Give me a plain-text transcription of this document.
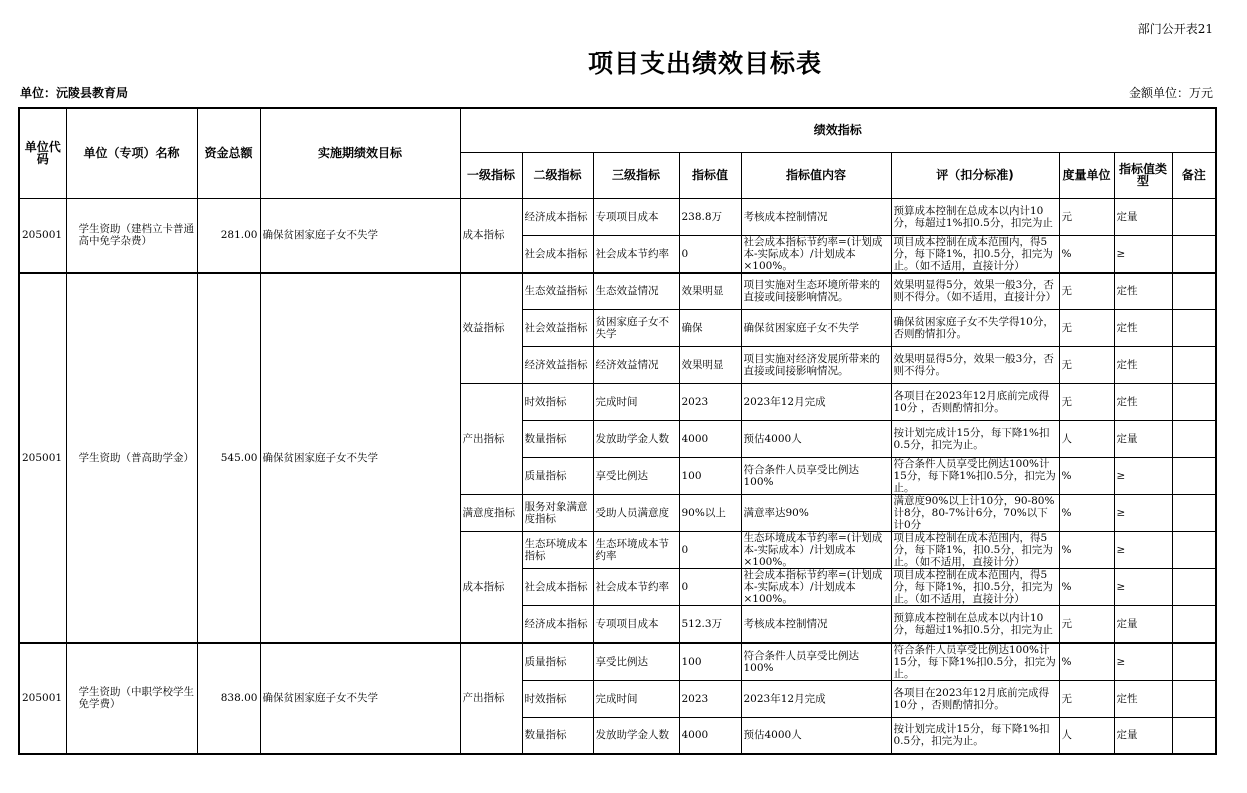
部门公开表21
项目支出绩效目标表
单位：沅陵县教育局	金额单位：万元
单位代码	单位（专项）名称	资金总额	实施期绩效目标	绩效指标								
				一级指标	二级指标	三级指标	指标值	指标值内容	评（扣分标准)	度量单位	指标值类型	备注

205001	学生资助（建档立卡普通高中免学杂费）	281.00	确保贫困家庭子女不失学	成本指标	经济成本指标	专项项目成本	238.8万	考核成本控制情况	预算成本控制在总成本以内计10分，每超过1%扣0.5分，扣完为止	元	定量	

					社会成本指标	社会成本节约率	0	社会成本指标节约率=(计划成本-实际成本）/计划成本×100%。	项目成本控制在成本范围内，得5分，每下降1%，扣0.5分，扣完为止。（如不适用，直接计分）	%	≥	

205001	学生资助（普高助学金）	545.00	确保贫困家庭子女不失学	效益指标	生态效益指标	生态效益情况	效果明显	项目实施对生态环境所带来的直接或间接影响情况。	效果明显得5分，效果一般3分，否则不得分。（如不适用，直接计分）	无	定性	

					社会效益指标	贫困家庭子女不失学	确保	确保贫困家庭子女不失学	确保贫困家庭子女不失学得10分，否则酌情扣分。	无	定性	

					经济效益指标	经济效益情况	效果明显	项目实施对经济发展所带来的直接或间接影响情况。	效果明显得5分，效果一般3分，否则不得分。	无	定性	

				产出指标	时效指标	完成时间	2023	2023年12月完成	各项目在2023年12月底前完成得10分 ，否则酌情扣分。	无	定性	

					数量指标	发放助学金人数	4000	预估4000人	按计划完成计15分，每下降1%扣0.5分，扣完为止。	人	定量	

					质量指标	享受比例达	100	符合条件人员享受比例达100%	符合条件人员享受比例达100%计15分，每下降1%扣0.5分，扣完为止。	%	≥	

				满意度指标	服务对象满意度指标	受助人员满意度	90%以上	满意率达90%	满意度90%以上计10分，90-80%计8分，80-7%计6分，70%以下计0分	%	≥	

				成本指标	生态环境成本指标	生态环境成本节约率	0	生态环境成本节约率=(计划成本-实际成本）/计划成本×100%。	项目成本控制在成本范围内，得5分，每下降1%，扣0.5分，扣完为止。（如不适用，直接计分）	%	≥	

					社会成本指标	社会成本节约率	0	社会成本指标节约率=(计划成本-实际成本）/计划成本×100%。	项目成本控制在成本范围内，得5分，每下降1%，扣0.5分，扣完为止。（如不适用，直接计分）	%	≥	

					经济成本指标	专项项目成本	512.3万	考核成本控制情况	预算成本控制在总成本以内计10分，每超过1%扣0.5分，扣完为止	元	定量	

205001	学生资助（中职学校学生免学费）	838.00	确保贫困家庭子女不失学	产出指标	质量指标	享受比例达	100	符合条件人员享受比例达100%	符合条件人员享受比例达100%计15分，每下降1%扣0.5分，扣完为止。	%	≥	

					时效指标	完成时间	2023	2023年12月完成	各项目在2023年12月底前完成得10分 ，否则酌情扣分。	无	定性	

					数量指标	发放助学金人数	4000	预估4000人	按计划完成计15分，每下降1%扣0.5分，扣完为止。	人	定量	
